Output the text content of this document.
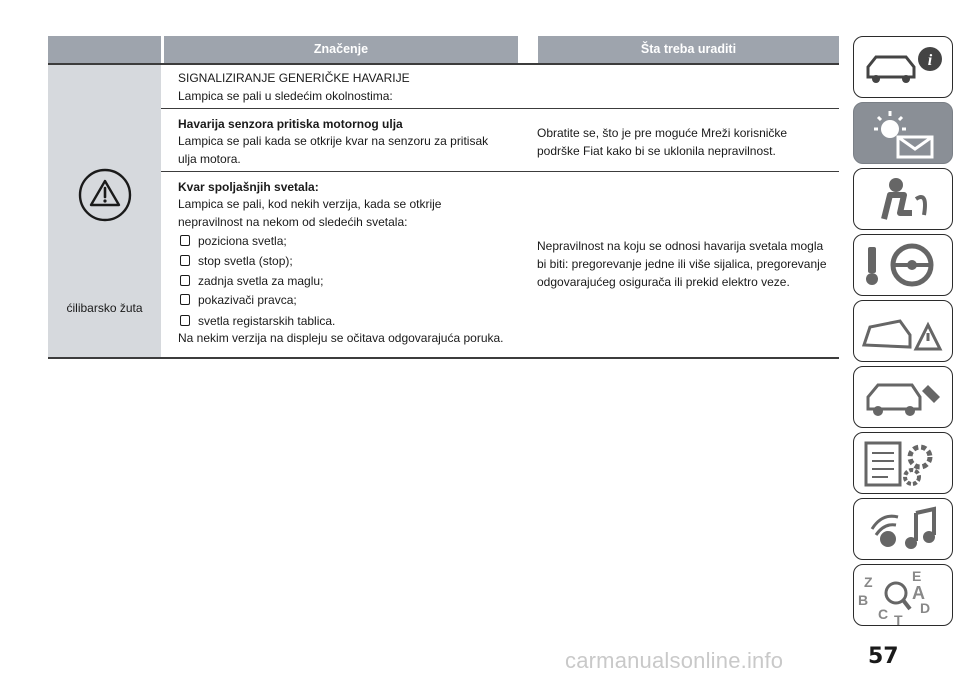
Značenje	Šta treba uraditi
ćilibarsko žuta
SIGNALIZIRANJE GENERIČKE HAVARIJE
Lampica se pali u sledećim okolnostima:
Havarija senzora pritiska motornog ulja
Lampica se pali kada se otkrije kvar na senzoru za pritisak
ulja motora.
Obratite se, što je pre moguće Mreži korisničke
podrške Fiat kako bi se uklonila nepravilnost.
Kvar spoljašnjih svetala:
Lampica se pali, kod nekih verzija, kada se otkrije
nepravilnost na nekom od sledećih svetala:
poziciona svetla;
stop svetla (stop);
zadnja svetla za maglu;
pokazivači pravca;
svetla registarskih tablica.
Na nekim verzija na displeju se očitava odgovarajuća poruka.
Nepravilnost na koju se odnosi havarija svetala mogla
bi biti: pregorevanje jedne ili više sijalica, pregorevanje
odgovarajućeg osigurača ili prekid elektro veze.
i
Z	E
B A
D
C T
57
carmanualsonline.info
